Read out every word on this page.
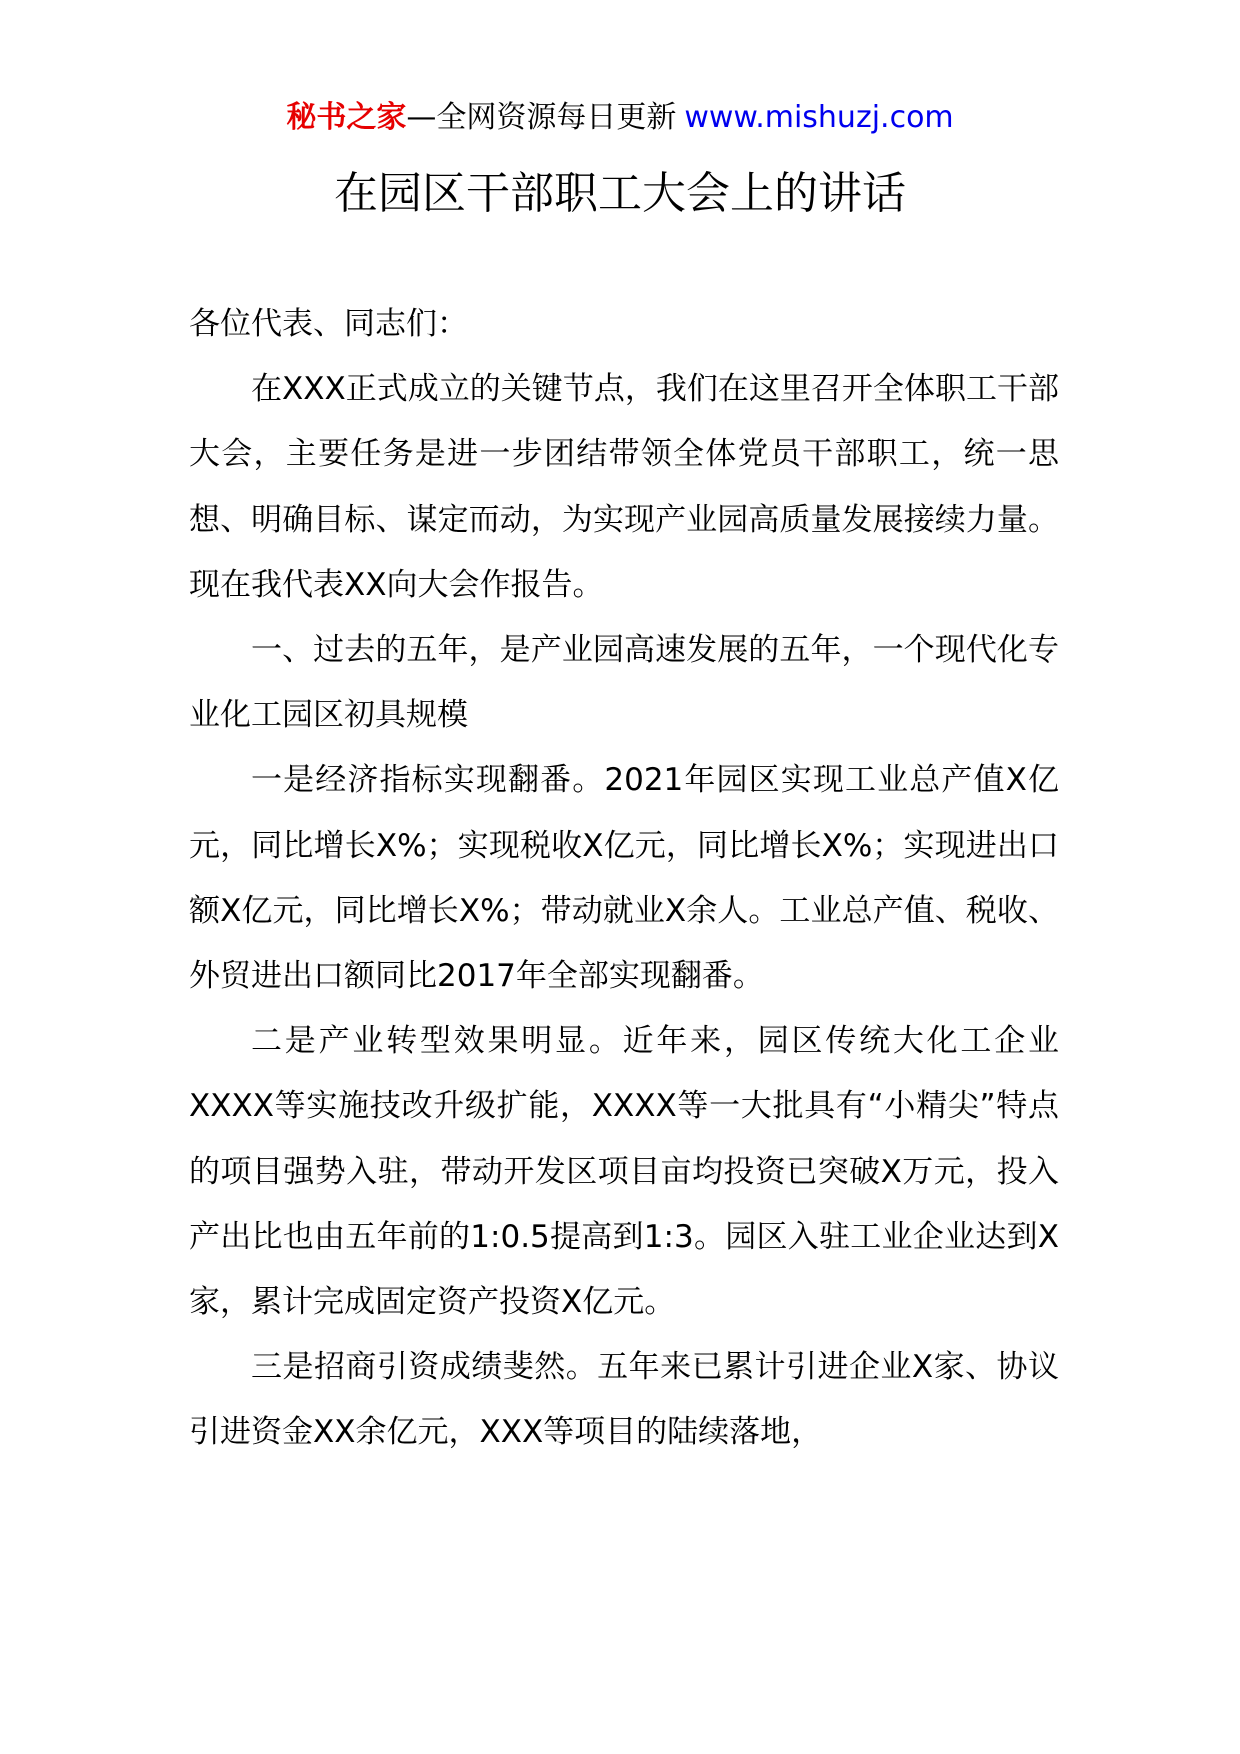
秘书之家—全网资源每日更新 www.mishuzj.com
在园区干部职工大会上的讲话

各位代表、同志们：

在XXX正式成立的关键节点，我们在这里召开全体职工干部大会，主要任务是进一步团结带领全体党员干部职工，统一思想、明确目标、谋定而动，为实现产业园高质量发展接续力量。现在我代表XX向大会作报告。

一、过去的五年，是产业园高速发展的五年，一个现代化专业化工园区初具规模

一是经济指标实现翻番。2021年园区实现工业总产值X亿元，同比增长X%；实现税收X亿元，同比增长X%；实现进出口额X亿元，同比增长X%；带动就业X余人。工业总产值、税收、外贸进出口额同比2017年全部实现翻番。

二是产业转型效果明显。近年来，园区传统大化工企业XXXX等实施技改升级扩能，XXXX等一大批具有“小精尖”特点的项目强势入驻，带动开发区项目亩均投资已突破X万元，投入产出比也由五年前的1:0.5提高到1:3。园区入驻工业企业达到X家，累计完成固定资产投资X亿元。

三是招商引资成绩斐然。五年来已累计引进企业X家、协议引进资金XX余亿元，XXX等项目的陆续落地，
